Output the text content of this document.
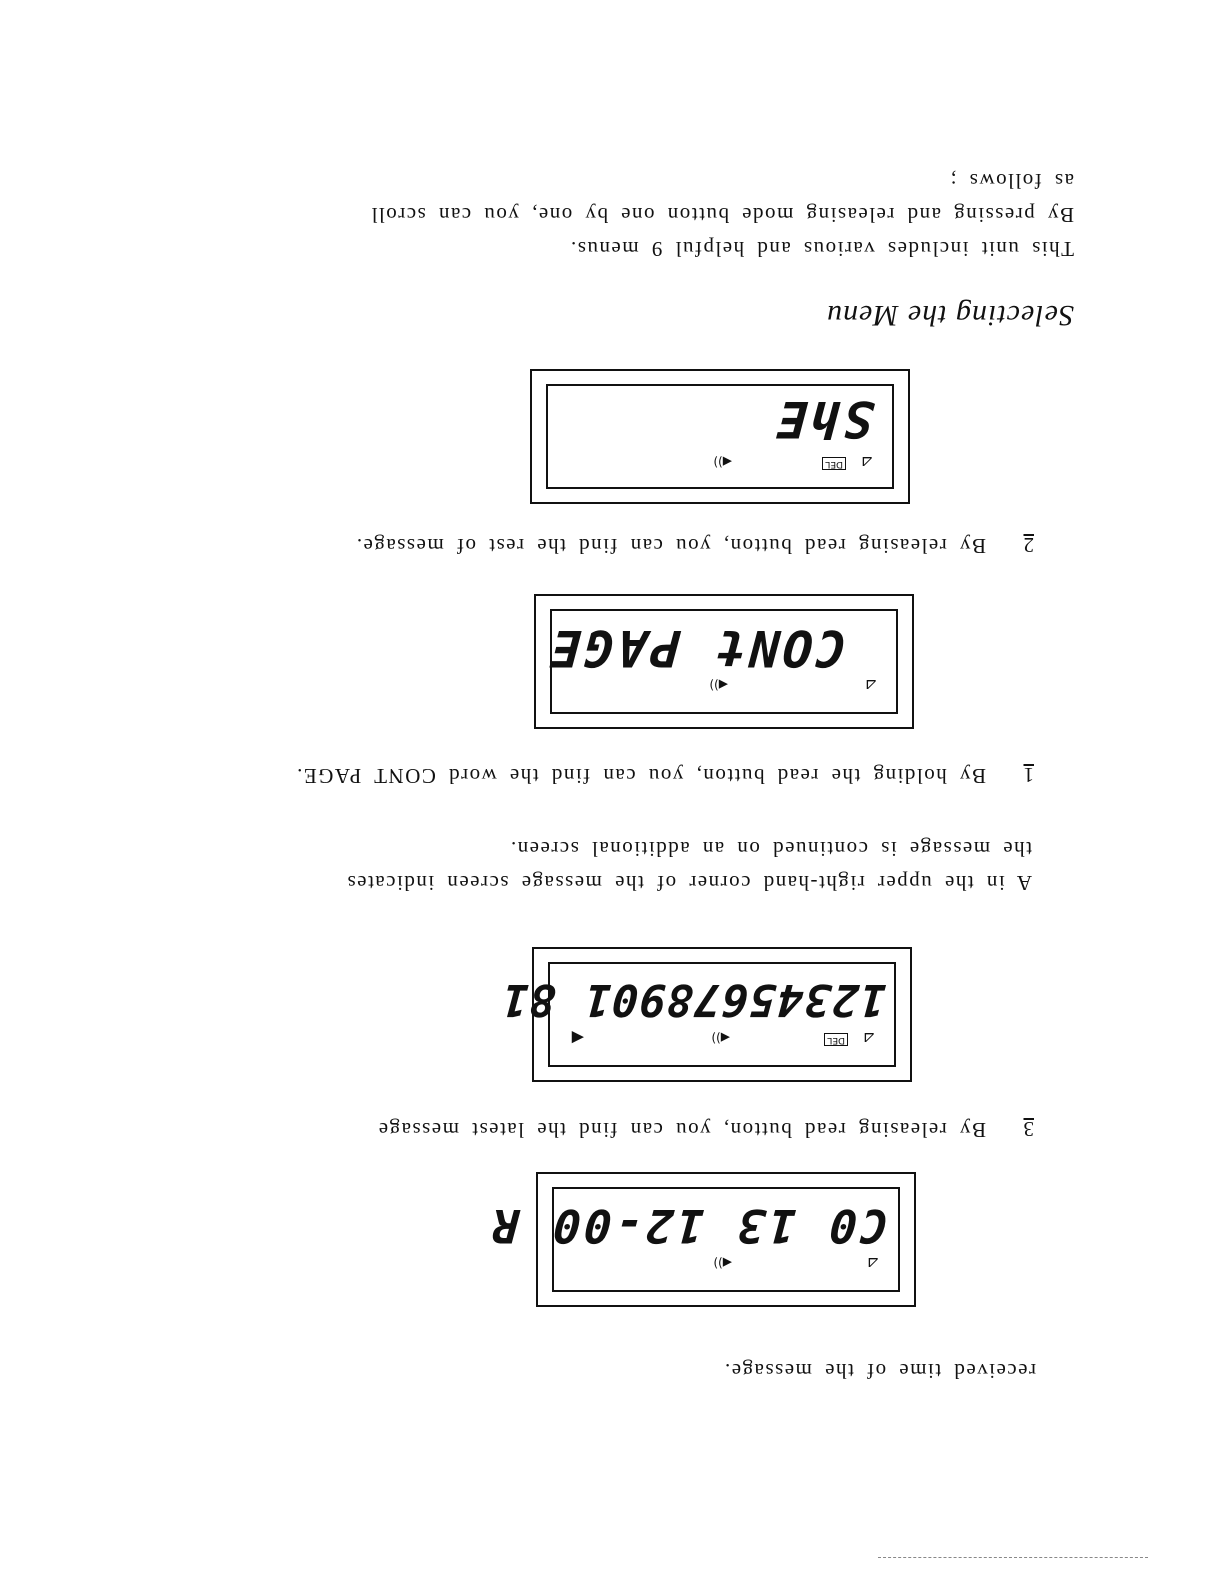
Selecting the Menu
This unit includes various and helpful 9 menus.
By pressing and releasing mode button one by one, you can scroll
as follows ;
⊿
DEL
◀))
ShE
2
By releasing read button, you can find the rest of message.
⊿
◀))
CONt PAGE
1
By holding the read button, you can find the word CONT PAGE.
A in the upper right-hand corner of the message screen indicates
the message is continued on an additional screen.
⊿
DEL
◀))
◀
12345678901 81
3
By releasing read button, you can find the latest message
⊿
◀))
C0 13 12-00 R
received time of the message.
